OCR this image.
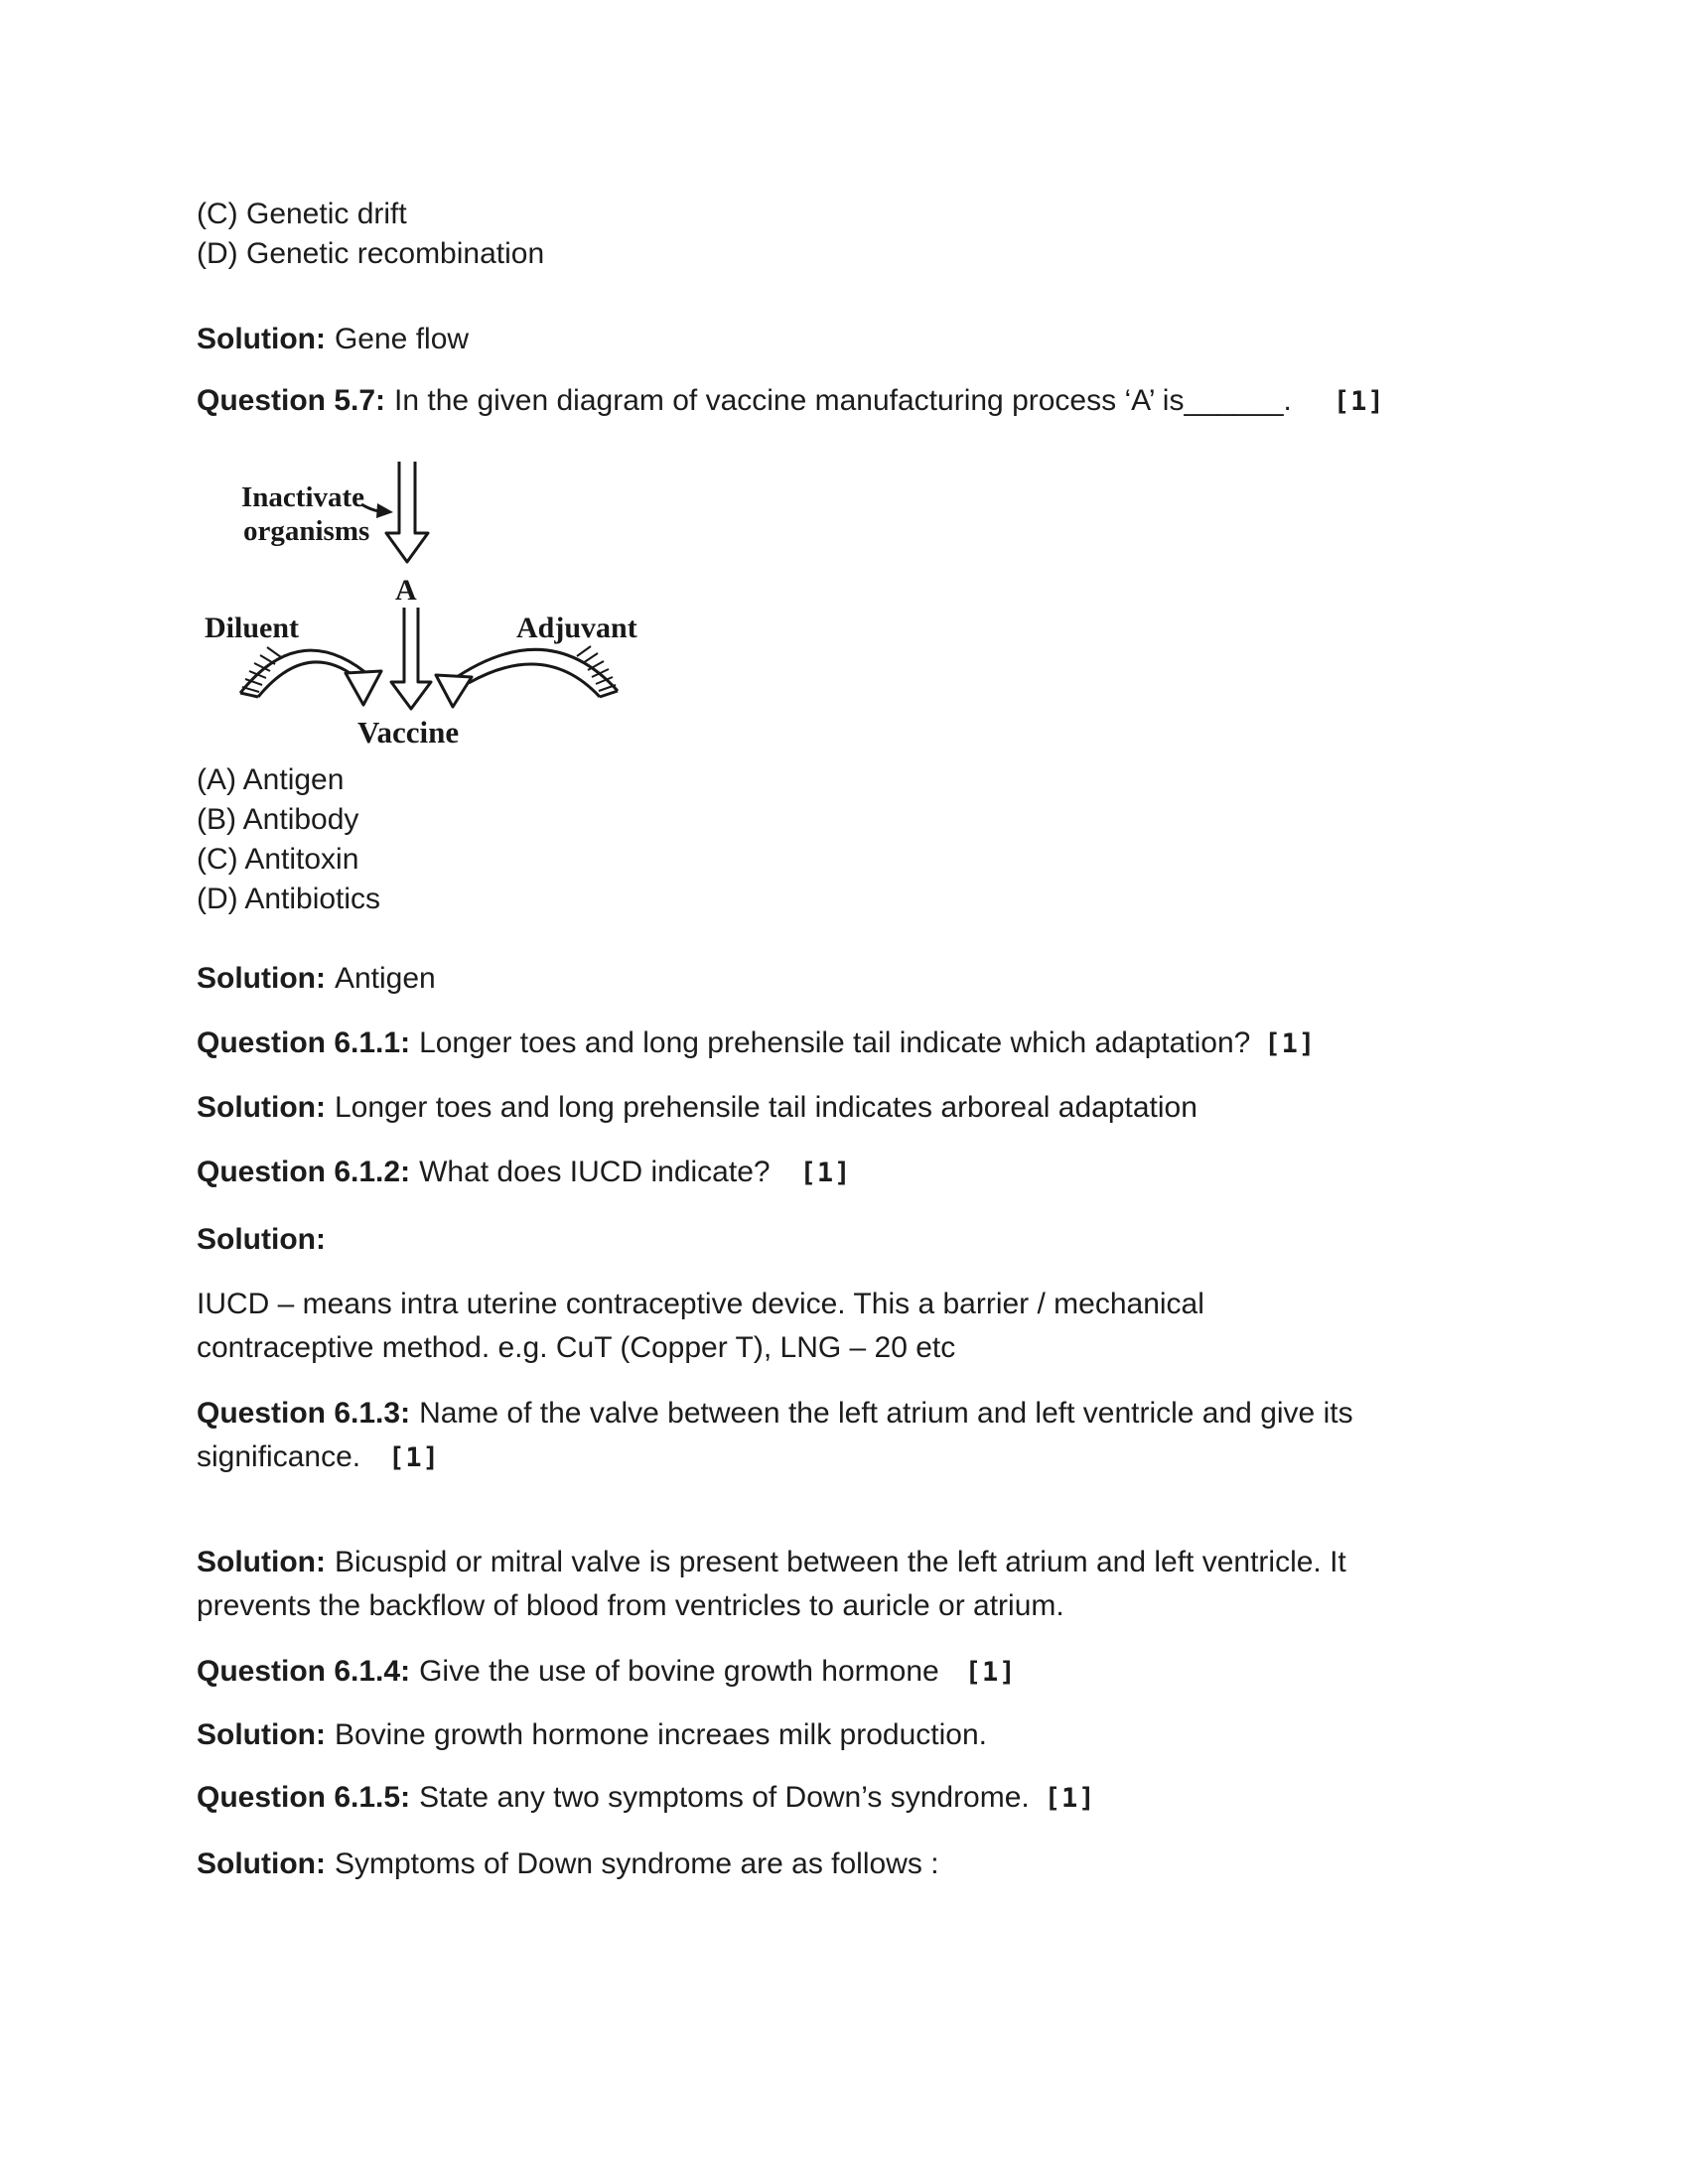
(C) Genetic drift
(D) Genetic recombination
Solution: Gene flow
Question 5.7: In the given diagram of vaccine manufacturing process ‘A’ is______. [1]
Inactivate
organisms
A
Diluent	Adjuvant
Vaccine
(A) Antigen
(B) Antibody
(C) Antitoxin
(D) Antibiotics
Solution: Antigen
Question 6.1.1: Longer toes and long prehensile tail indicate which adaptation? [1]
Solution: Longer toes and long prehensile tail indicates arboreal adaptation
Question 6.1.2: What does IUCD indicate? [1]
Solution:
IUCD – means intra uterine contraceptive device. This a barrier / mechanical
contraceptive method. e.g. CuT (Copper T), LNG – 20 etc
Question 6.1.3: Name of the valve between the left atrium and left ventricle and give its
significance. [1]
Solution: Bicuspid or mitral valve is present between the left atrium and left ventricle. It
prevents the backflow of blood from ventricles to auricle or atrium.
Question 6.1.4: Give the use of bovine growth hormone [1]
Solution: Bovine growth hormone increaes milk production.
Question 6.1.5: State any two symptoms of Down’s syndrome. [1]
Solution: Symptoms of Down syndrome are as follows :
